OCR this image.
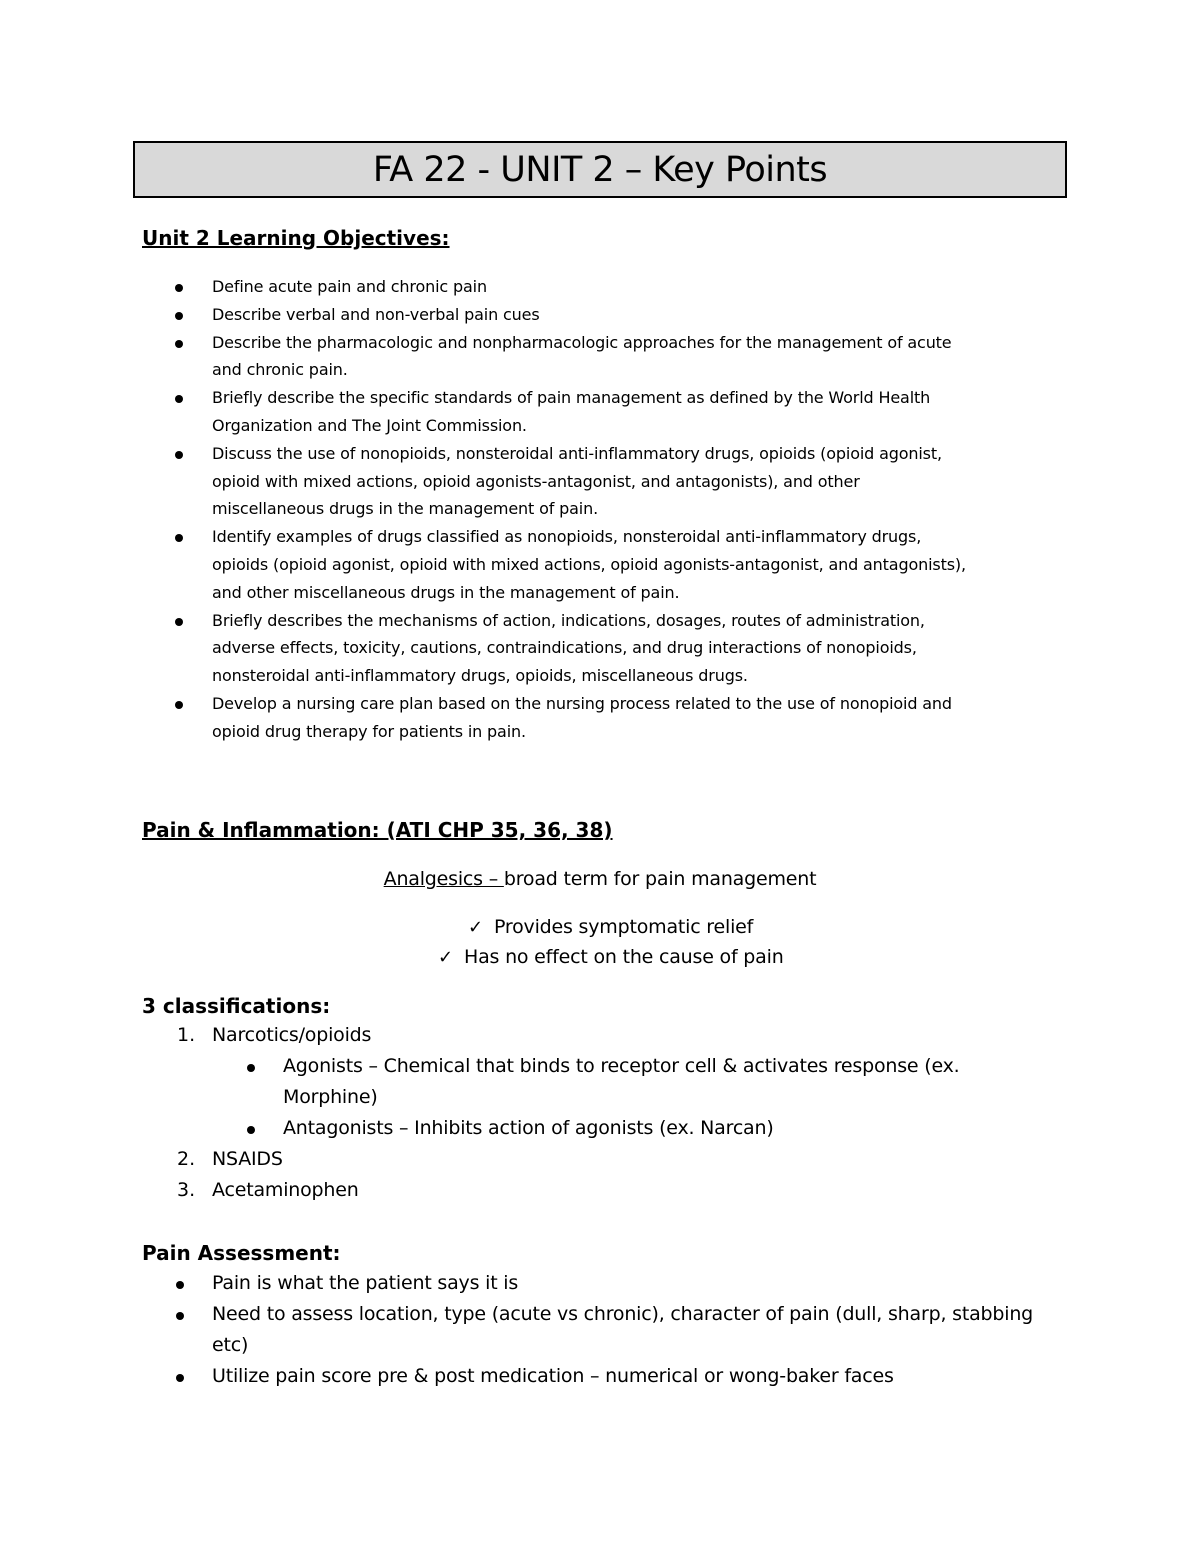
FA 22 - UNIT 2 – Key Points
Unit 2 Learning Objectives:
Define acute pain and chronic pain
Describe verbal and non-verbal pain cues
Describe the pharmacologic and nonpharmacologic approaches for the management of acute
and chronic pain.
Briefly describe the specific standards of pain management as defined by the World Health
Organization and The Joint Commission.
Discuss the use of nonopioids, nonsteroidal anti-inflammatory drugs, opioids (opioid agonist,
opioid with mixed actions, opioid agonists-antagonist, and antagonists), and other
miscellaneous drugs in the management of pain.
Identify examples of drugs classified as nonopioids, nonsteroidal anti-inflammatory drugs,
opioids (opioid agonist, opioid with mixed actions, opioid agonists-antagonist, and antagonists),
and other miscellaneous drugs in the management of pain.
Briefly describes the mechanisms of action, indications, dosages, routes of administration,
adverse effects, toxicity, cautions, contraindications, and drug interactions of nonopioids,
nonsteroidal anti-inflammatory drugs, opioids, miscellaneous drugs.
Develop a nursing care plan based on the nursing process related to the use of nonopioid and
opioid drug therapy for patients in pain.
Pain & Inflammation: (ATI CHP 35, 36, 38)
Analgesics – broad term for pain management
✓ Provides symptomatic relief
✓ Has no effect on the cause of pain
3 classifications:
1. Narcotics/opioids
Agonists – Chemical that binds to receptor cell & activates response (ex.
Morphine)
Antagonists – Inhibits action of agonists (ex. Narcan)
2. NSAIDS
3. Acetaminophen
Pain Assessment:
Pain is what the patient says it is
Need to assess location, type (acute vs chronic), character of pain (dull, sharp, stabbing
etc)
Utilize pain score pre & post medication – numerical or wong-baker faces
